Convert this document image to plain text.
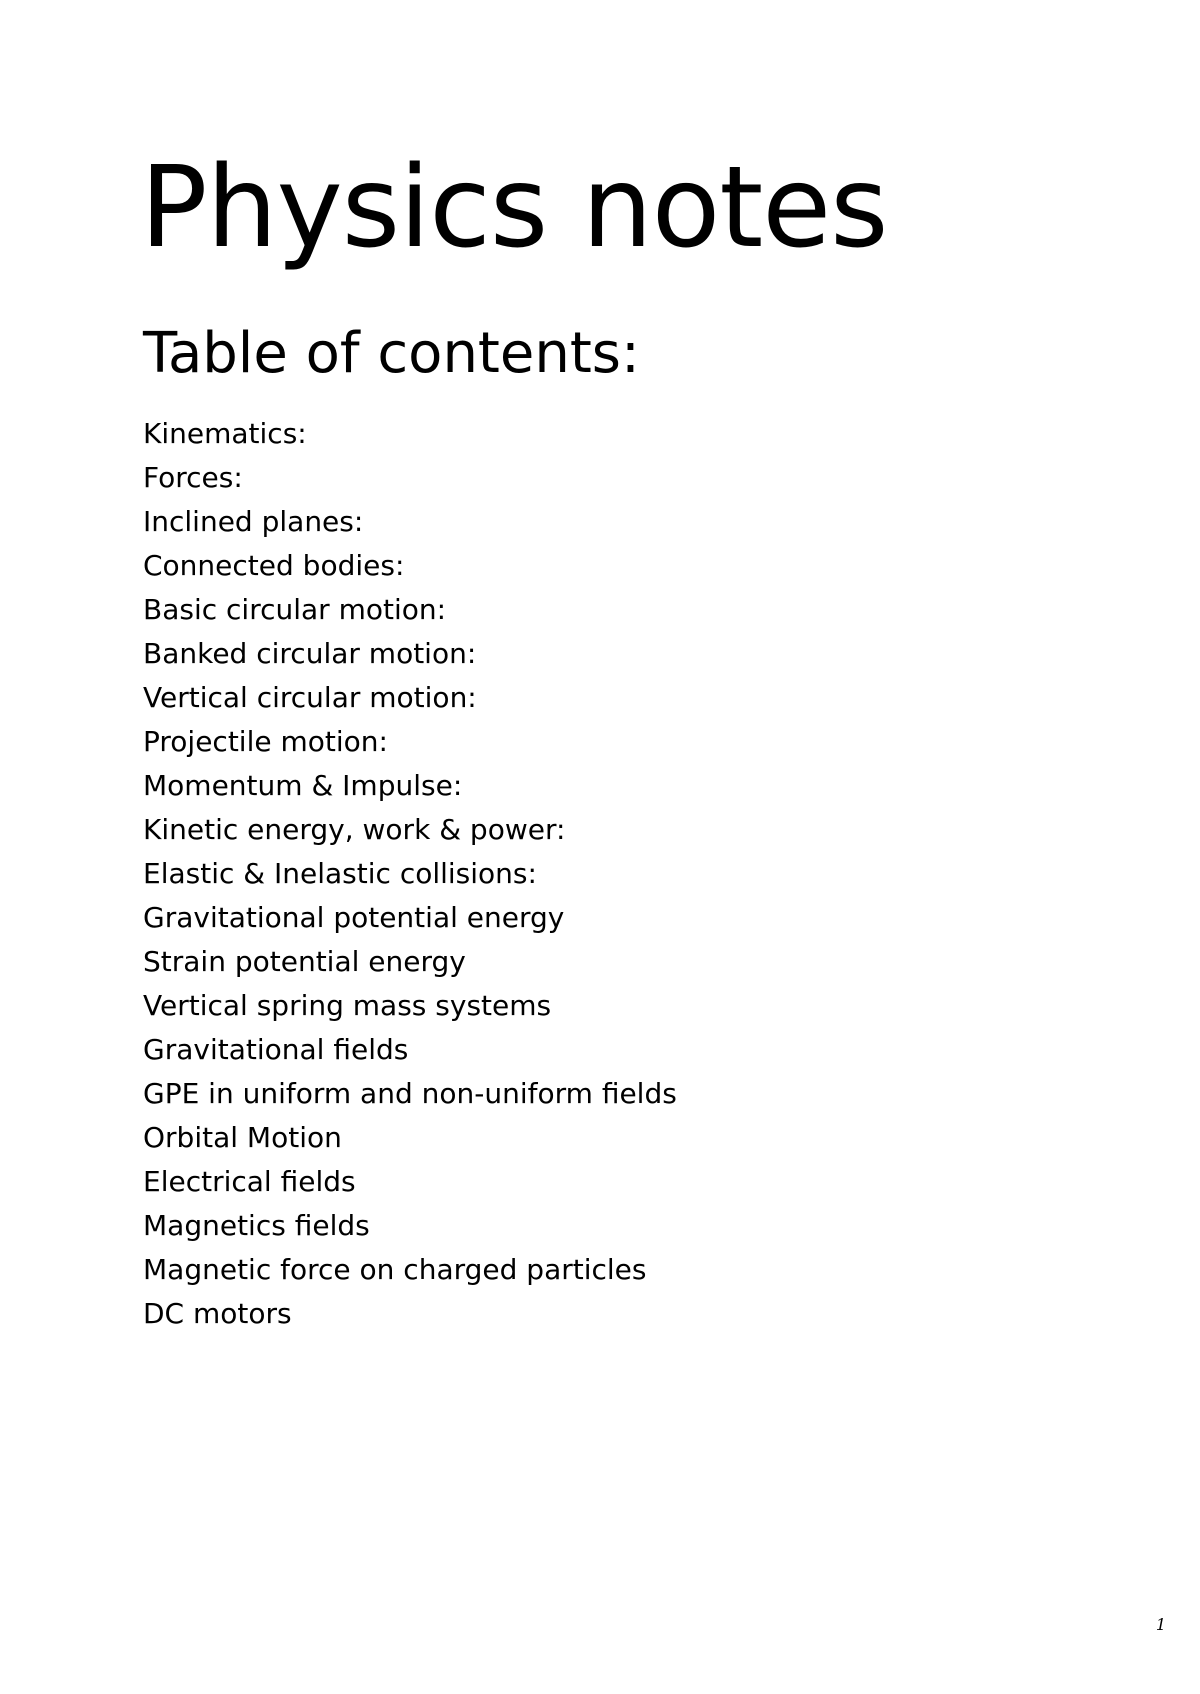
Physics notes
Table of contents:
Kinematics:
Forces:
Inclined planes:
Connected bodies:
Basic circular motion:
Banked circular motion:
Vertical circular motion:
Projectile motion:
Momentum & Impulse:
Kinetic energy, work & power:
Elastic & Inelastic collisions:
Gravitational potential energy
Strain potential energy
Vertical spring mass systems
Gravitational fields
GPE in uniform and non-uniform fields
Orbital Motion
Electrical fields
Magnetics fields
Magnetic force on charged particles
DC motors
1
